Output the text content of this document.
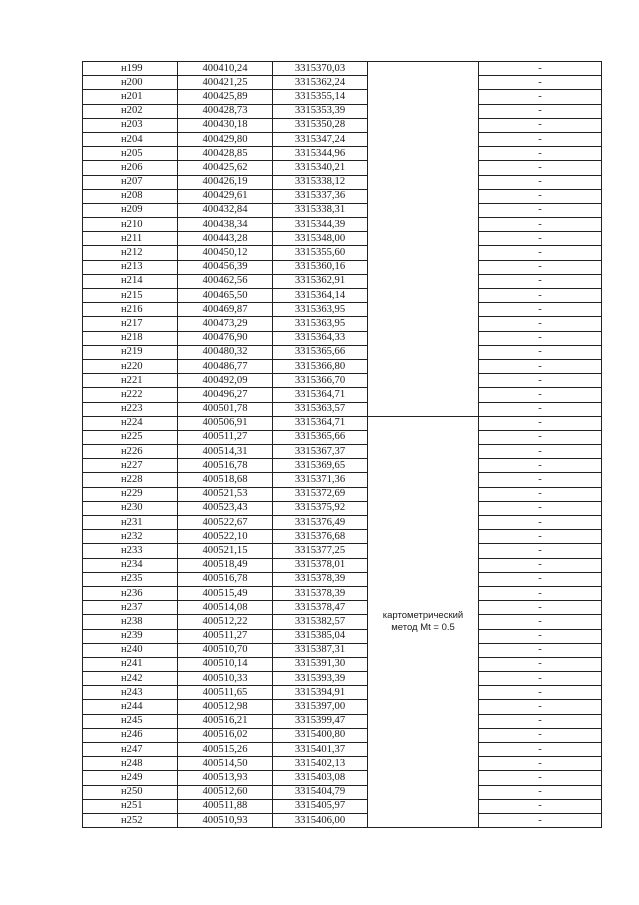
н199	400410,24	3315370,03		-
н200	400421,25	3315362,24		-
н201	400425,89	3315355,14		-
н202	400428,73	3315353,39		-
н203	400430,18	3315350,28		-
н204	400429,80	3315347,24		-
н205	400428,85	3315344,96		-
н206	400425,62	3315340,21		-
н207	400426,19	3315338,12		-
н208	400429,61	3315337,36		-
н209	400432,84	3315338,31		-
н210	400438,34	3315344,39		-
н211	400443,28	3315348,00		-
н212	400450,12	3315355,60		-
н213	400456,39	3315360,16		-
н214	400462,56	3315362,91		-
н215	400465,50	3315364,14		-
н216	400469,87	3315363,95		-
н217	400473,29	3315363,95		-
н218	400476,90	3315364,33		-
н219	400480,32	3315365,66		-
н220	400486,77	3315366,80		-
н221	400492,09	3315366,70		-
н222	400496,27	3315364,71		-
н223	400501,78	3315363,57		-
н224	400506,91	3315364,71	картометрический
метод Mt = 0.5	-
н225	400511,27	3315365,66		-
н226	400514,31	3315367,37		-
н227	400516,78	3315369,65		-
н228	400518,68	3315371,36		-
н229	400521,53	3315372,69		-
н230	400523,43	3315375,92		-
н231	400522,67	3315376,49		-
н232	400522,10	3315376,68		-
н233	400521,15	3315377,25		-
н234	400518,49	3315378,01		-
н235	400516,78	3315378,39		-
н236	400515,49	3315378,39		-
н237	400514,08	3315378,47		-
н238	400512,22	3315382,57		-
н239	400511,27	3315385,04		-
н240	400510,70	3315387,31		-
н241	400510,14	3315391,30		-
н242	400510,33	3315393,39		-
н243	400511,65	3315394,91		-
н244	400512,98	3315397,00		-
н245	400516,21	3315399,47		-
н246	400516,02	3315400,80		-
н247	400515,26	3315401,37		-
н248	400514,50	3315402,13		-
н249	400513,93	3315403,08		-
н250	400512,60	3315404,79		-
н251	400511,88	3315405,97		-
н252	400510,93	3315406,00		-
